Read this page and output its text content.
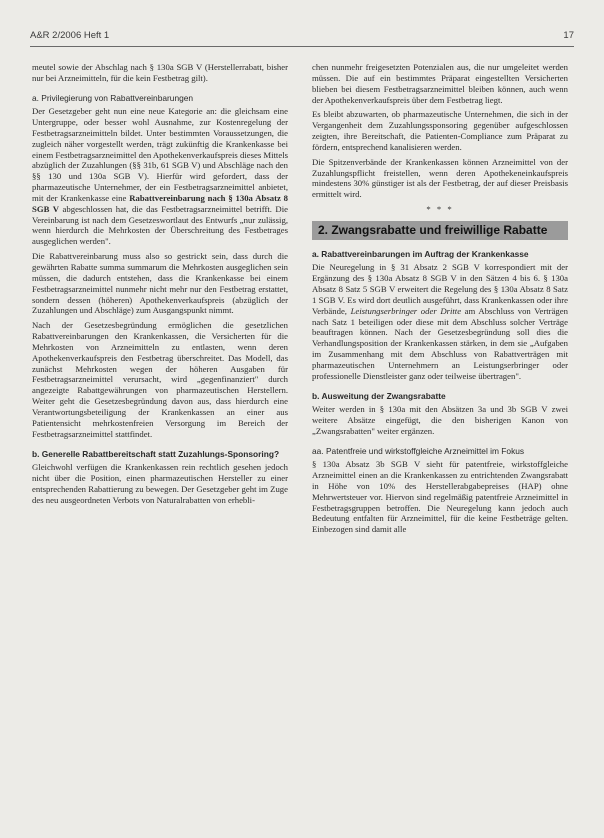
A&R 2/2006 Heft 1	17

meutel sowie der Abschlag nach § 130a SGB V (Herstellerrabatt, bisher nur bei Arzneimitteln, für die kein Festbetrag gilt).

a. Privilegierung von Rabattvereinbarungen

Der Gesetzgeber geht nun eine neue Kategorie an: die gleichsam eine Untergruppe, oder besser wohl Ausnahme, zur Kostenregelung der Festbetragsarzneimitteln bildet. Unter bestimmten Voraussetzungen, die zugleich näher vorgestellt werden, trägt zukünftig die Krankenkasse bei einem Festbetragsarzneimittel den Apothekenverkaufspreis dieses Mittels abzüglich der Zuzahlungen (§§ 31b, 61 SGB V) und Abschläge nach den §§ 130 und 130a SGB V). Hierfür wird gefordert, dass der pharmazeutische Unternehmer, der ein Festbetragsarzneimittel anbietet, mit der Krankenkasse eine Rabattvereinbarung nach § 130a Absatz 8 SGB V abgeschlossen hat, die das Festbetragsarzneimittel betrifft. Die Vereinbarung ist nach dem Gesetzeswortlaut des Entwurfs „nur zulässig, wenn hierdurch die Mehrkosten der Überschreitung des Festbetrages ausgeglichen werden".

Die Rabattvereinbarung muss also so gestrickt sein, dass durch die gewährten Rabatte summa summarum die Mehrkosten ausgeglichen sein müssen, die dadurch entstehen, dass die Krankenkasse bei einem Festbetragsarzneimittel nunmehr nicht mehr nur den Festbetrag erstattet, sondern dessen (höheren) Apothekenverkaufspreis (abzüglich der Zuzahlungen und Abschläge) zum Ausgangspunkt nimmt.

Nach der Gesetzesbegründung ermöglichen die gesetzlichen Rabattvereinbarungen den Krankenkassen, die Versicherten für die Mehrkosten von Arzneimitteln zu entlasten, wenn deren Apothekenverkaufspreis den Festbetrag überschreitet. Das Modell, das zunächst Mehrkosten wegen der höheren Ausgaben für Festbetragsarzneimittel verursacht, wird „gegenfinanziert" durch angezeigte Rabattgewährungen von pharmazeutischen Herstellern. Weiter geht die Gesetzesbegründung davon aus, dass hierdurch eine Verantwortungsbeteiligung der Krankenkassen an einer aus Patientensicht mehrkostenfreien Versorgung im Bereich der Festbetragsarzneimittel stattfindet.

b. Generelle Rabattbereitschaft statt Zuzahlungs-Sponsoring?

Gleichwohl verfügen die Krankenkassen rein rechtlich gesehen jedoch nicht über die Position, einen pharmazeutischen Hersteller zu einer entsprechenden Rabattierung zu bewegen. Der Gesetzgeber geht im Zuge des neu ausgeordneten Verbots von Naturalrabatten von erhebli-

chen nunmehr freigesetzten Potenzialen aus, die nur umgeleitet werden müssen. Die auf ein bestimmtes Präparat eingestellten Versicherten blieben bei diesem Festbetragsarzneimittel bleiben können, auch wenn der Apothekenverkaufspreis über dem Festbetrag liegt.

Es bleibt abzuwarten, ob pharmazeutische Unternehmen, die sich in der Vergangenheit dem Zuzahlungssponsoring gegenüber aufgeschlossen zeigten, ihre Bereitschaft, die Patienten-Compliance zum Präparat zu fördern, entsprechend kanalisieren werden.

Die Spitzenverbände der Krankenkassen können Arzneimittel von der Zuzahlungspflicht freistellen, wenn deren Apothekeneinkaufspreis mindestens 30% günstiger ist als der Festbetrag, der auf dieser Preisbasis ermittelt wird.

* * *
2. Zwangsrabatte und freiwillige Rabatte
a. Rabattvereinbarungen im Auftrag der Krankenkasse

Die Neuregelung in § 31 Absatz 2 SGB V korrespondiert mit der Ergänzung des § 130a Absatz 8 SGB V in den Sätzen 4 bis 6. § 130a Absatz 8 Satz 5 SGB V erweitert die Regelung des § 130a Absatz 8 Satz 1 SGB V. Es wird dort deutlich ausgeführt, dass Krankenkassen oder ihre Verbände, Leistungserbringer oder Dritte am Abschluss von Verträgen nach Satz 1 beteiligen oder diese mit dem Abschluss solcher Verträge beauftragen können. Nach der Gesetzesbegründung soll dies die Verhandlungsposition der Krankenkassen stärken, in dem sie „Aufgaben im Zusammenhang mit dem Abschluss von Rabattverträgen mit pharmazeutischen Unternehmern an Leistungserbringer oder professionelle Dienstleister ganz oder teilweise übertragen".

b. Ausweitung der Zwangsrabatte

Weiter werden in § 130a mit den Absätzen 3a und 3b SGB V zwei weitere Absätze eingefügt, die den bisherigen Kanon von „Zwangsrabatten" weiter ergänzen.

aa. Patentfreie und wirkstoffgleiche Arzneimittel im Fokus

§ 130a Absatz 3b SGB V sieht für patentfreie, wirkstoffgleiche Arzneimittel einen an die Krankenkassen zu entrichtenden Zwangsrabatt in Höhe von 10% des Herstellerabgabepreises (HAP) ohne Mehrwertsteuer vor. Hiervon sind regelmäßig patentfreie Arzneimittel in Festbetragsgruppen betroffen. Die Neuregelung kann jedoch auch Bedeutung entfalten für Arzneimittel, für die keine Festbeträge gelten. Einbezogen sind damit alle
